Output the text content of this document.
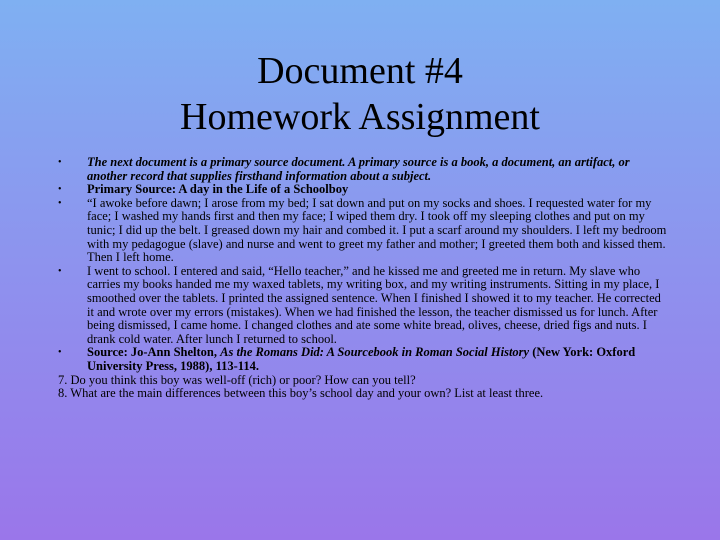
Document #4
Homework Assignment
• The next document is a primary source document. A primary source is a book, a document, an artifact, or another record that supplies firsthand information about a subject.
• Primary Source: A day in the Life of a Schoolboy
• “I awoke before dawn; I arose from my bed; I sat down and put on my socks and shoes. I requested water for my face; I washed my hands first and then my face; I wiped them dry. I took off my sleeping clothes and put on my tunic; I did up the belt. I greased down my hair and combed it. I put a scarf around my shoulders. I left my bedroom with my pedagogue (slave) and nurse and went to greet my father and mother; I greeted them both and kissed them. Then I left home.
• I went to school. I entered and said, “Hello teacher,” and he kissed me and greeted me in return. My slave who carries my books handed me my waxed tablets, my writing box, and my writing instruments. Sitting in my place, I smoothed over the tablets. I printed the assigned sentence. When I finished I showed it to my teacher. He corrected it and wrote over my errors (mistakes). When we had finished the lesson, the teacher dismissed us for lunch. After being dismissed, I came home. I changed clothes and ate some white bread, olives, cheese, dried figs and nuts. I drank cold water. After lunch I returned to school.
• Source: Jo-Ann Shelton, As the Romans Did: A Sourcebook in Roman Social History (New York: Oxford University Press, 1988), 113-114.
7. Do you think this boy was well-off (rich) or poor? How can you tell?
8. What are the main differences between this boy’s school day and your own? List at least three.
